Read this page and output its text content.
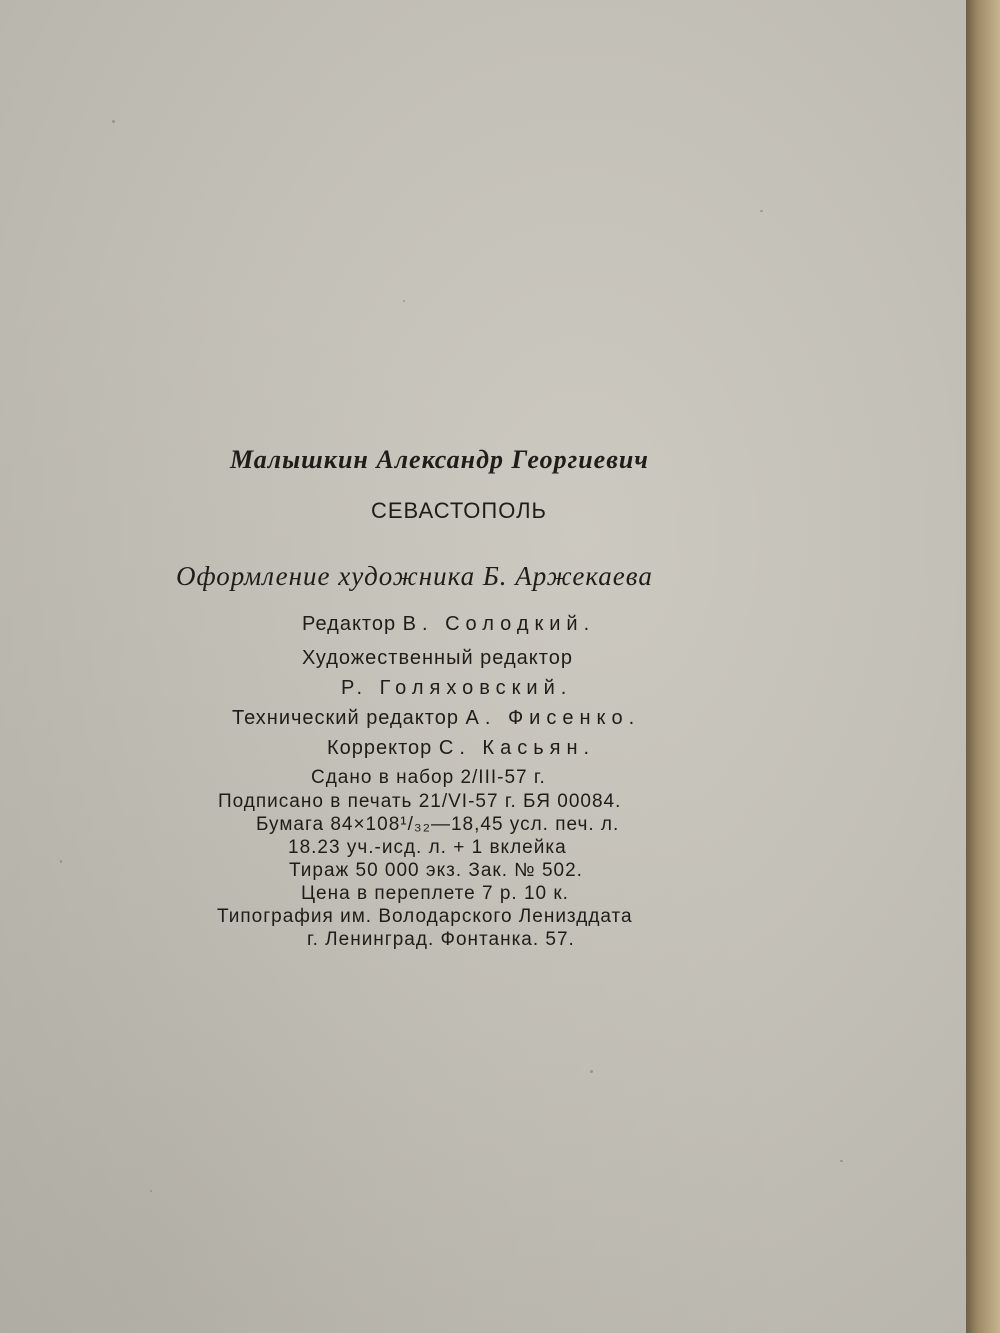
Малышкин Александр Георгиевич
СЕВАСТОПОЛЬ
Оформление художника Б. Аржекаева
Редактор В. Солодкий.
Художественный редактор
Р. Голяховский.
Технический редактор А. Фисенко.
Корректор С. Касьян.
Сдано в набор 2/III-57 г.
Подписано в печать 21/VI-57 г. БЯ 00084.
Бумага 84×108¹/₃₂—18,45 усл. печ. л.
18.23 уч.-исд. л. + 1 вклейка
Тираж 50 000 экз. Зак. № 502.
Цена в переплете 7 р. 10 к.
Типография им. Володарского Ленизддата
г. Ленинград. Фонтанка. 57.
